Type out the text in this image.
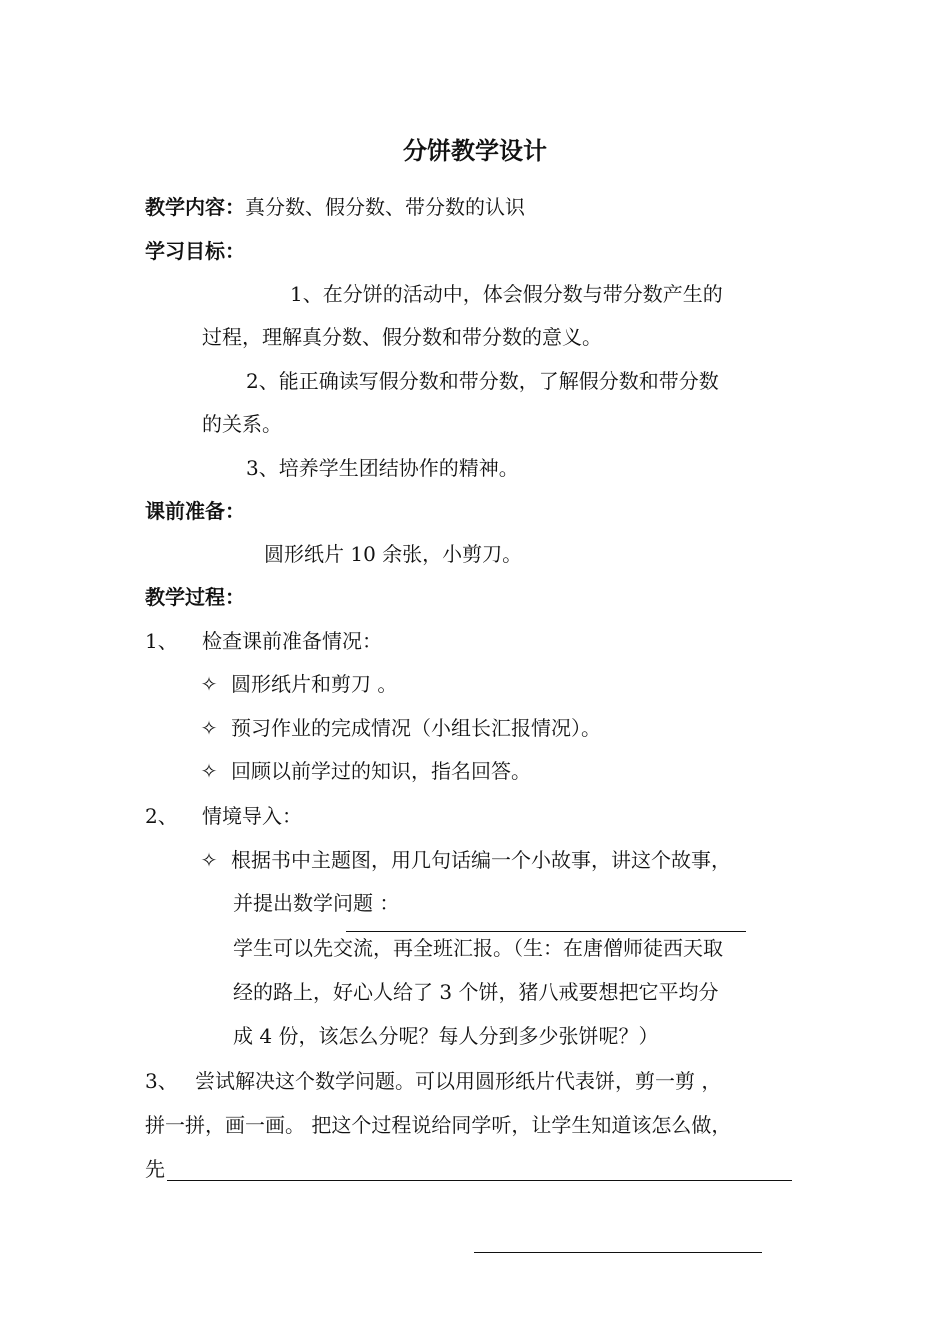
分饼教学设计
教学内容：真分数、假分数、带分数的认识
学习目标：
1、在分饼的活动中，体会假分数与带分数产生的
过程，理解真分数、假分数和带分数的意义。
2、能正确读写假分数和带分数，了解假分数和带分数
的关系。
3、培养学生团结协作的精神。
课前准备：
圆形纸片 10 余张，小剪刀。
教学过程：
1、 检查课前准备情况：
✧ 圆形纸片和剪刀 。
✧ 预习作业的完成情况（小组长汇报情况）。
✧ 回顾以前学过的知识，指名回答。
2、 情境导入：
✧ 根据书中主题图，用几句话编一个小故事，讲这个故事，
并提出数学问题 ：
学生可以先交流，再全班汇报。（生：在唐僧师徒西天取
经的路上，好心人给了 3 个饼，猪八戒要想把它平均分
成 4 份，该怎么分呢？每人分到多少张饼呢？）
3、 尝试解决这个数学问题。可以用圆形纸片代表饼，剪一剪 ，
拼一拼，画一画。 把这个过程说给同学听，让学生知道该怎么做，
先
